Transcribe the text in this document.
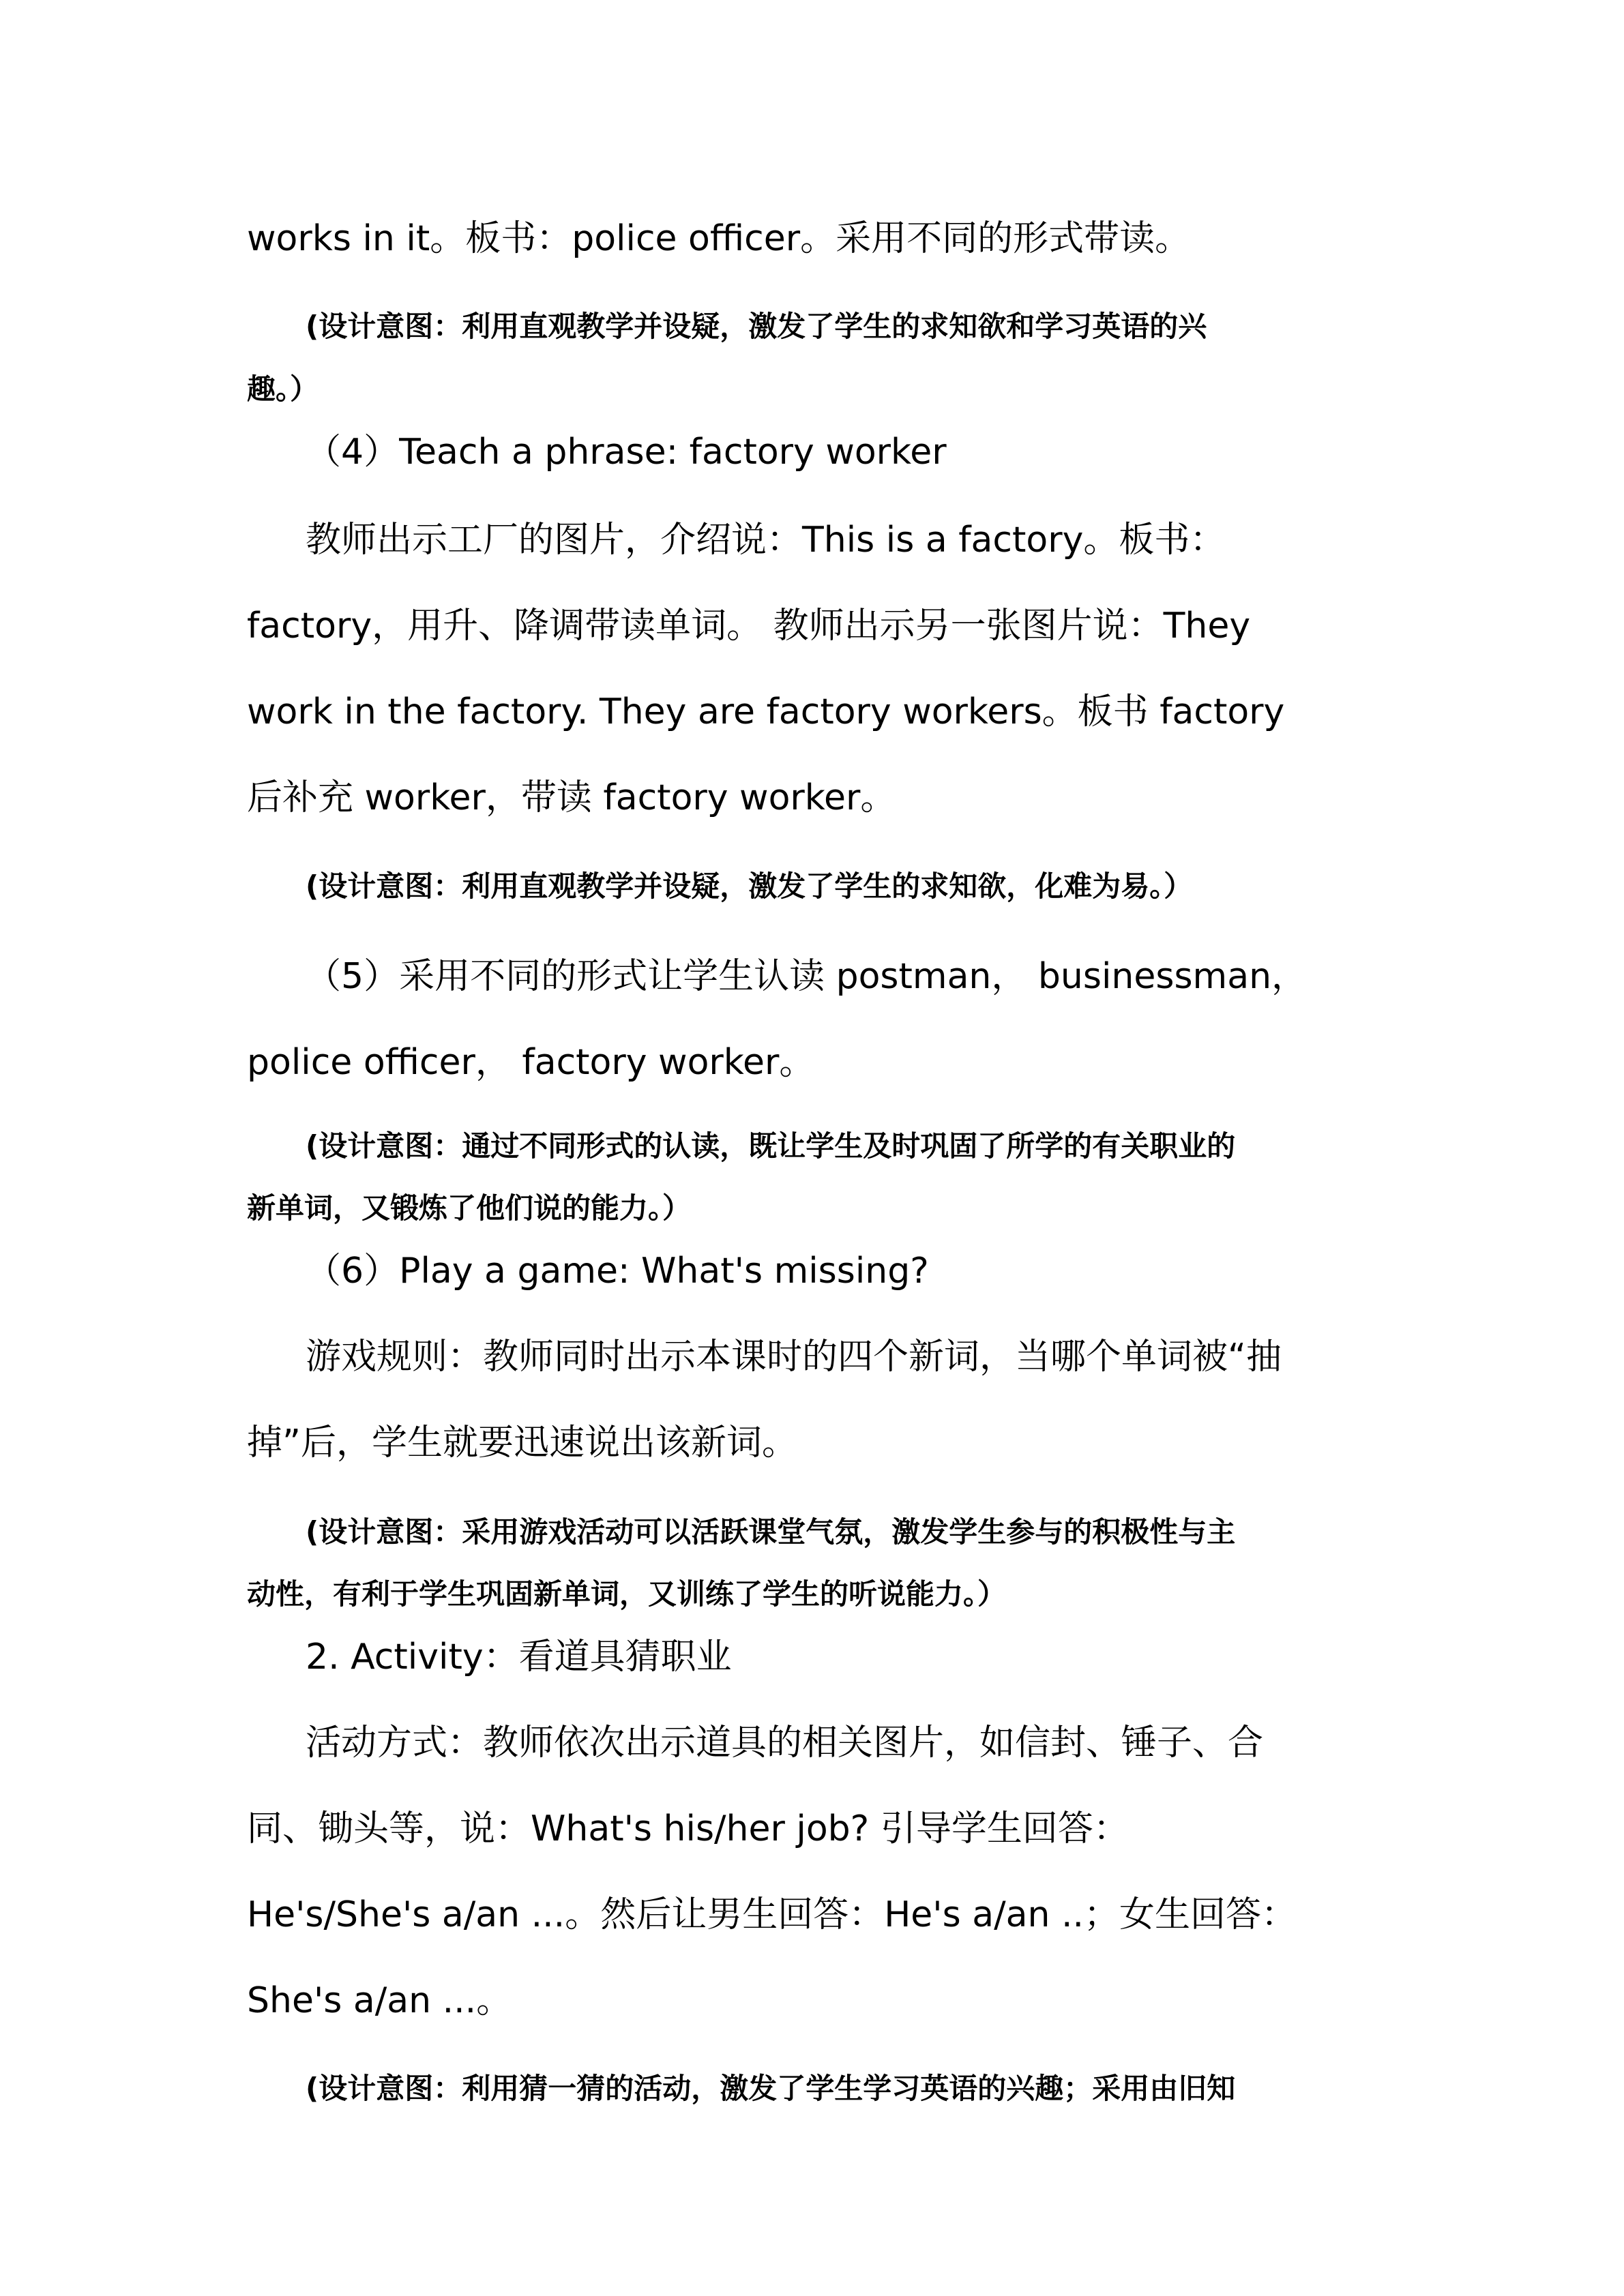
works in it。板书：police officer。采用不同的形式带读。
(设计意图：利用直观教学并设疑，激发了学生的求知欲和学习英语的兴
趣。）
（4）Teach a phrase: factory worker
教师出示工厂的图片，介绍说：This is a factory。板书：
factory，用升、降调带读单词。 教师出示另一张图片说：They
work in the factory. They are factory workers。板书 factory
后补充 worker，带读 factory worker。
(设计意图：利用直观教学并设疑，激发了学生的求知欲，化难为易。）
（5）采用不同的形式让学生认读 postman， businessman，
police officer， factory worker。
(设计意图：通过不同形式的认读，既让学生及时巩固了所学的有关职业的
新单词，又锻炼了他们说的能力。）
（6）Play a game: What's missing?
游戏规则：教师同时出示本课时的四个新词，当哪个单词被“抽
掉”后，学生就要迅速说出该新词。
(设计意图：采用游戏活动可以活跃课堂气氛，激发学生参与的积极性与主
动性，有利于学生巩固新单词，又训练了学生的听说能力。）
2. Activity：看道具猜职业
活动方式：教师依次出示道具的相关图片，如信封、锤子、合
同、锄头等，说：What's his/her job? 引导学生回答：
He's/She's a/an ...。然后让男生回答：He's a/an ..；女生回答：
She's a/an ...。
(设计意图：利用猜一猜的活动，激发了学生学习英语的兴趣；采用由旧知
